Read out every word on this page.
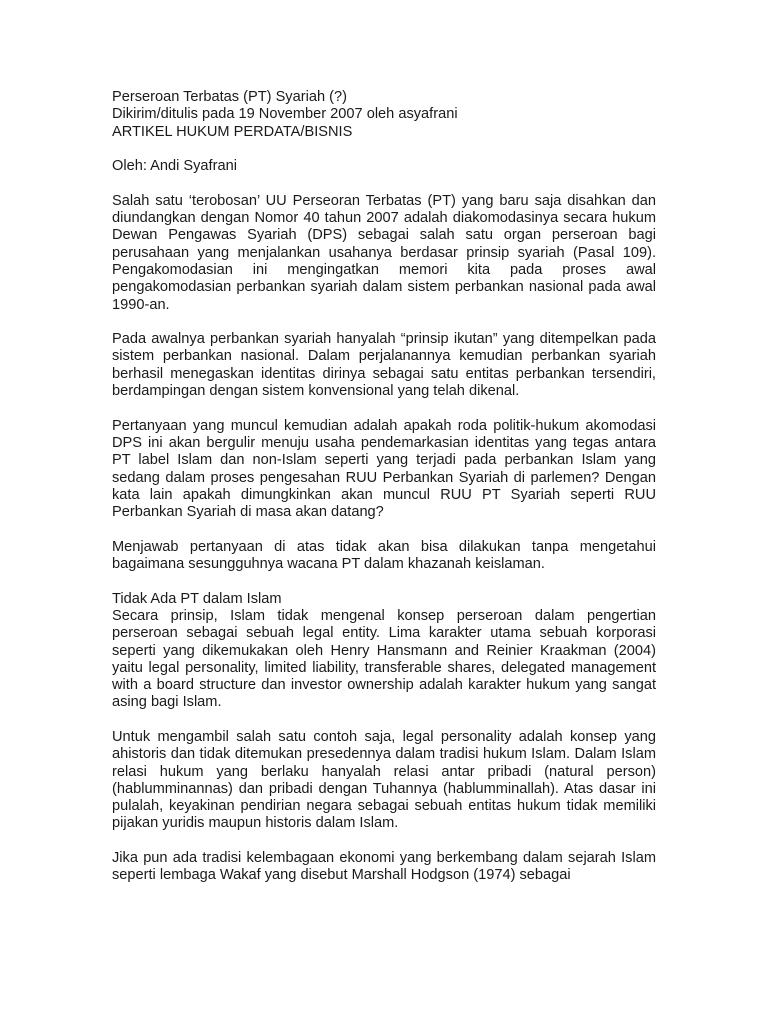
Perseroan Terbatas (PT) Syariah (?)
Dikirim/ditulis pada 19 November 2007 oleh asyafrani
ARTIKEL HUKUM PERDATA/BISNIS

Oleh: Andi Syafrani

Salah satu ‘terobosan’ UU Perseoran Terbatas (PT) yang baru saja disahkan dan diundangkan dengan Nomor 40 tahun 2007 adalah diakomodasinya secara hukum Dewan Pengawas Syariah (DPS) sebagai salah satu organ perseroan bagi perusahaan yang menjalankan usahanya berdasar prinsip syariah (Pasal 109). Pengakomodasian ini mengingatkan memori kita pada proses awal pengakomodasian perbankan syariah dalam sistem perbankan nasional pada awal 1990-an.

Pada awalnya perbankan syariah hanyalah “prinsip ikutan” yang ditempelkan pada sistem perbankan nasional. Dalam perjalanannya kemudian perbankan syariah berhasil menegaskan identitas dirinya sebagai satu entitas perbankan tersendiri, berdampingan dengan sistem konvensional yang telah dikenal.

Pertanyaan yang muncul kemudian adalah apakah roda politik-hukum akomodasi DPS ini akan bergulir menuju usaha pendemarkasian identitas yang tegas antara PT label Islam dan non-Islam seperti yang terjadi pada perbankan Islam yang sedang dalam proses pengesahan RUU Perbankan Syariah di parlemen? Dengan kata lain apakah dimungkinkan akan muncul RUU PT Syariah seperti RUU Perbankan Syariah di masa akan datang?

Menjawab pertanyaan di atas tidak akan bisa dilakukan tanpa mengetahui bagaimana sesungguhnya wacana PT dalam khazanah keislaman.

Tidak Ada PT dalam Islam

Secara prinsip, Islam tidak mengenal konsep perseroan dalam pengertian perseroan sebagai sebuah legal entity. Lima karakter utama sebuah korporasi seperti yang dikemukakan oleh Henry Hansmann and Reinier Kraakman (2004) yaitu legal personality, limited liability, transferable shares, delegated management with a board structure dan investor ownership adalah karakter hukum yang sangat asing bagi Islam.

Untuk mengambil salah satu contoh saja, legal personality adalah konsep yang ahistoris dan tidak ditemukan presedennya dalam tradisi hukum Islam. Dalam Islam relasi hukum yang berlaku hanyalah relasi antar pribadi (natural person) (hablumminannas) dan pribadi dengan Tuhannya (hablumminallah). Atas dasar ini pulalah, keyakinan pendirian negara sebagai sebuah entitas hukum tidak memiliki pijakan yuridis maupun historis dalam Islam.

Jika pun ada tradisi kelembagaan ekonomi yang berkembang dalam sejarah Islam seperti lembaga Wakaf yang disebut Marshall Hodgson (1974) sebagai
